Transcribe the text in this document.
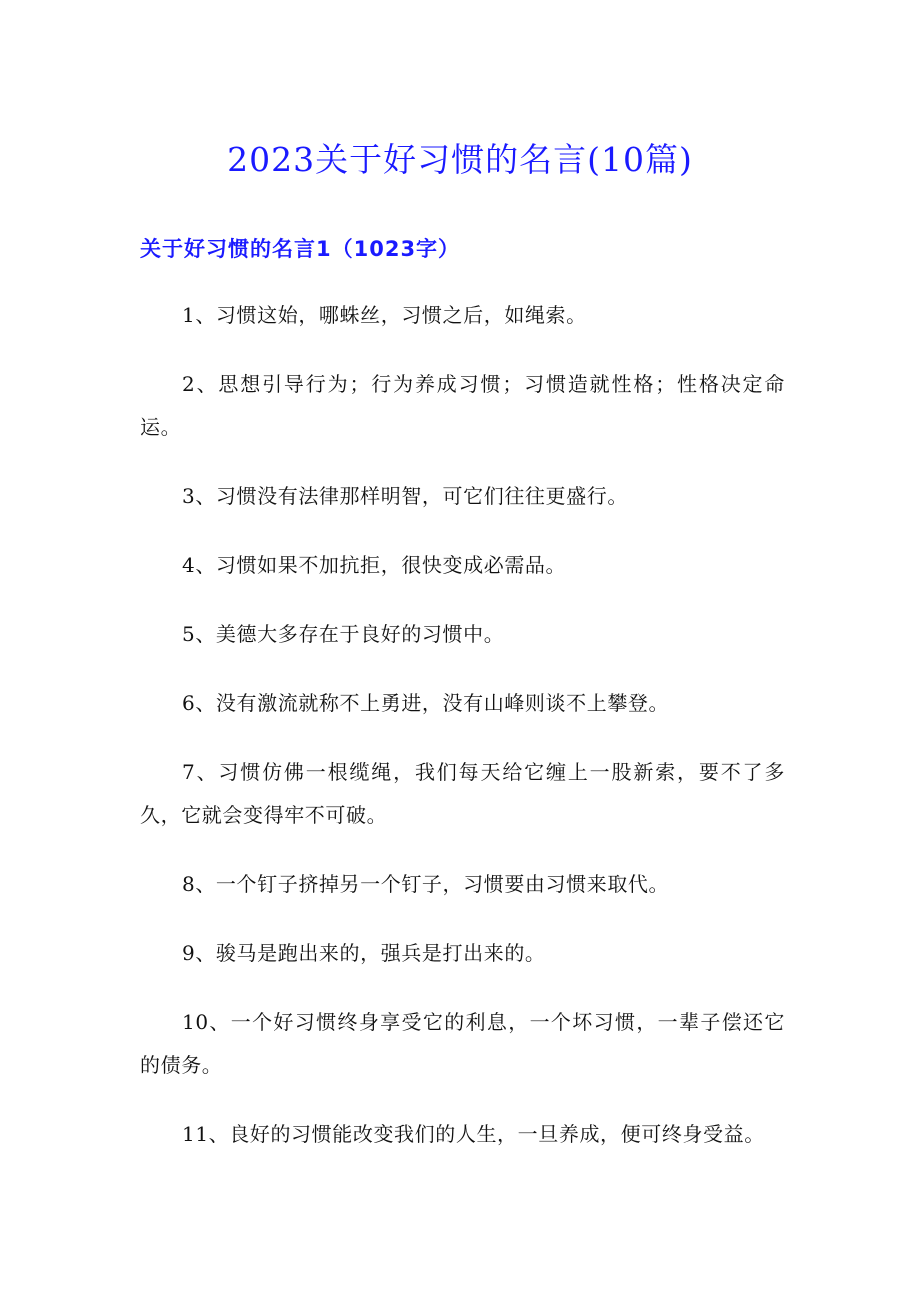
2023关于好习惯的名言(10篇)
关于好习惯的名言1（1023字）

1、习惯这始，哪蛛丝，习惯之后，如绳索。

2、思想引导行为；行为养成习惯；习惯造就性格；性格决定命运。

3、习惯没有法律那样明智，可它们往往更盛行。

4、习惯如果不加抗拒，很快变成必需品。

5、美德大多存在于良好的习惯中。

6、没有激流就称不上勇进，没有山峰则谈不上攀登。

7、习惯仿佛一根缆绳，我们每天给它缠上一股新索，要不了多久，它就会变得牢不可破。

8、一个钉子挤掉另一个钉子，习惯要由习惯来取代。

9、骏马是跑出来的，强兵是打出来的。

10、一个好习惯终身享受它的利息，一个坏习惯，一辈子偿还它的债务。

11、良好的习惯能改变我们的人生，一旦养成，便可终身受益。
